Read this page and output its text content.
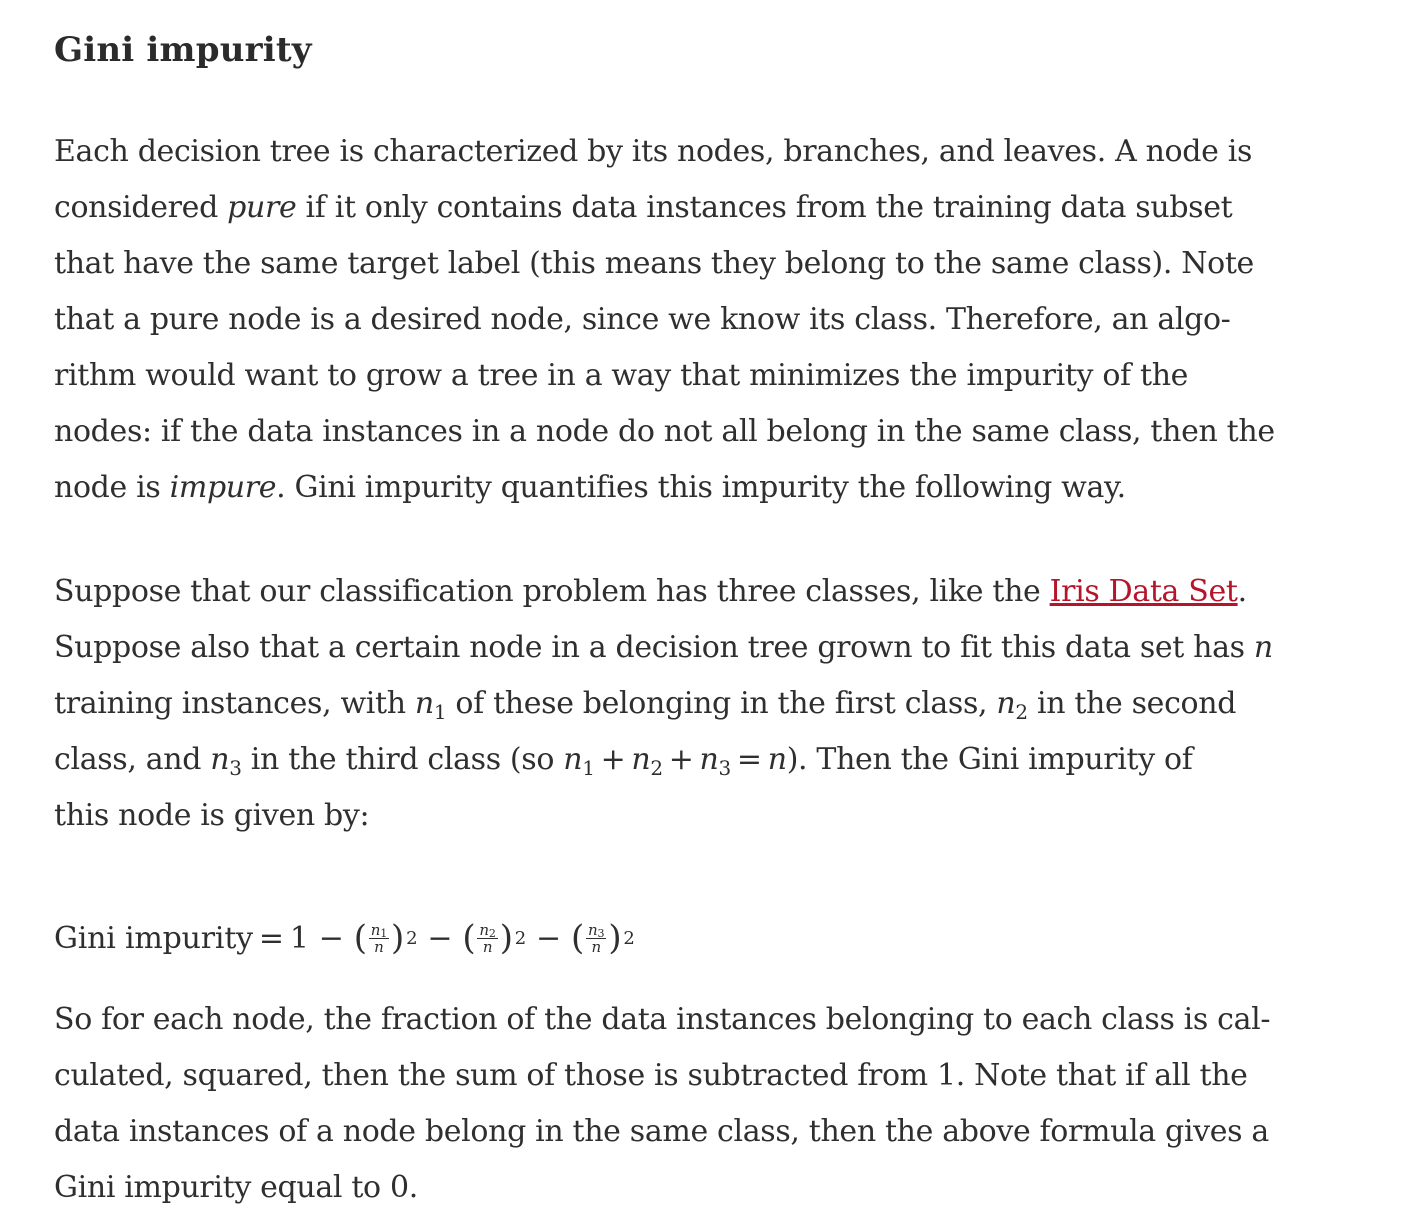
Gini impurity

Each decision tree is characterized by its nodes, branches, and leaves. A node is
considered pure if it only contains data instances from the training data subset
that have the same target label (this means they belong to the same class). Note
that a pure node is a desired node, since we know its class. Therefore, an algo-
rithm would want to grow a tree in a way that minimizes the impurity of the
nodes: if the data instances in a node do not all belong in the same class, then the
node is impure. Gini impurity quantifies this impurity the following way.

Suppose that our classification problem has three classes, like the Iris Data Set.
Suppose also that a certain node in a decision tree grown to fit this data set has n
training instances, with $n_1$ of these belonging in the first class, $n_2$ in the second
class, and $n_3$ in the third class (so $n_1 + n_2 + n_3 = n$). Then the Gini impurity of
this node is given by:

Gini impurity = 1 − ( $\frac{n_1}{n}$ ) 2 − ( $\frac{n_2}{n}$ ) 2 − ( $\frac{n_3}{n}$ ) 2

So for each node, the fraction of the data instances belonging to each class is cal-
culated, squared, then the sum of those is subtracted from 1. Note that if all the
data instances of a node belong in the same class, then the above formula gives a
Gini impurity equal to 0.
